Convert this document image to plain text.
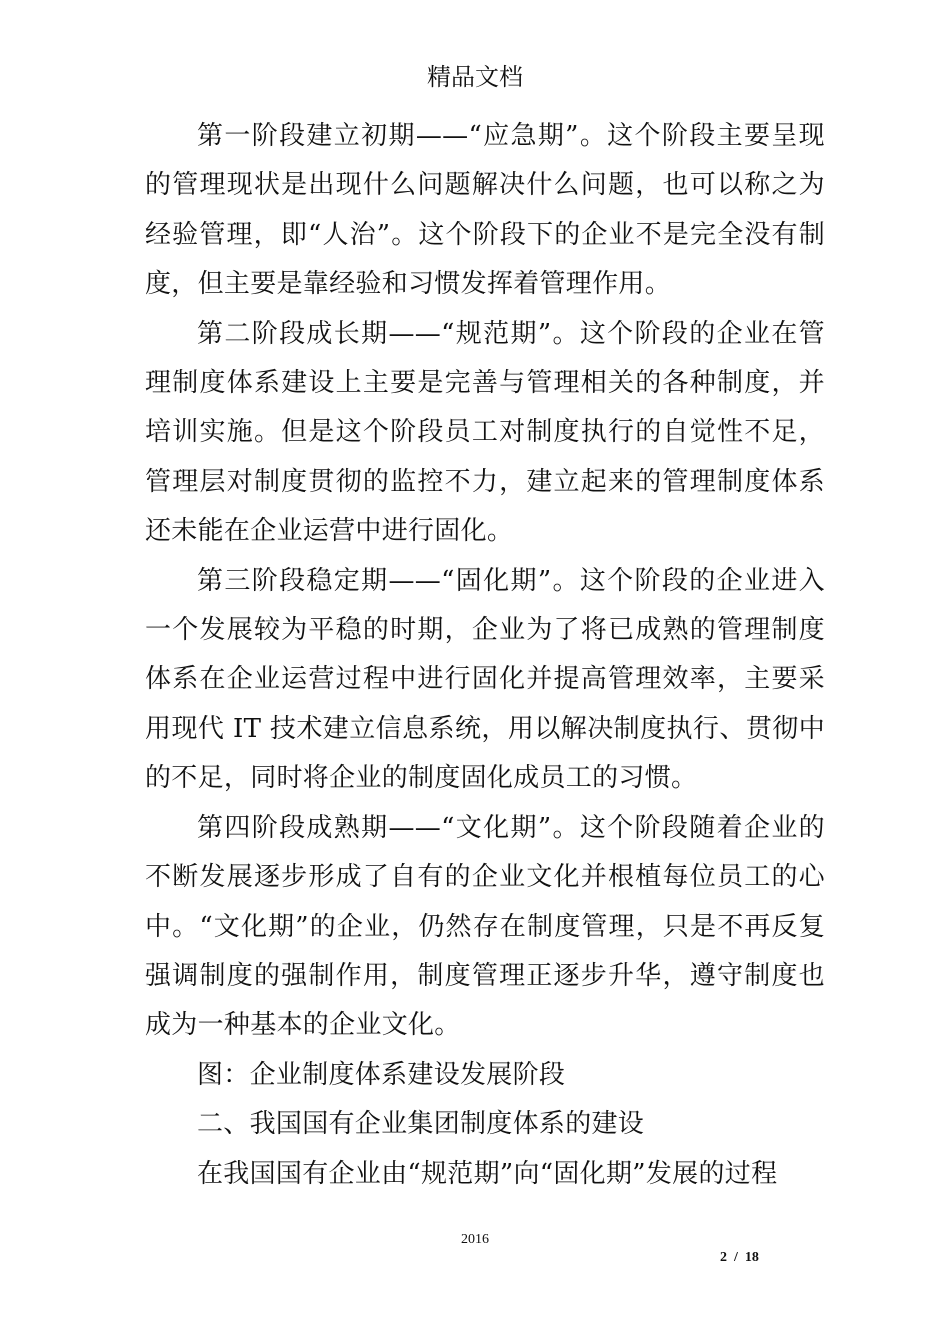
精品文档

第一阶段建立初期——“应急期”。这个阶段主要呈现的管理现状是出现什么问题解决什么问题，也可以称之为经验管理，即“人治”。这个阶段下的企业不是完全没有制度，但主要是靠经验和习惯发挥着管理作用。

第二阶段成长期——“规范期”。这个阶段的企业在管理制度体系建设上主要是完善与管理相关的各种制度，并培训实施。但是这个阶段员工对制度执行的自觉性不足，管理层对制度贯彻的监控不力，建立起来的管理制度体系还未能在企业运营中进行固化。

第三阶段稳定期——“固化期”。这个阶段的企业进入一个发展较为平稳的时期，企业为了将已成熟的管理制度体系在企业运营过程中进行固化并提高管理效率，主要采用现代 IT 技术建立信息系统，用以解决制度执行、贯彻中的不足，同时将企业的制度固化成员工的习惯。

第四阶段成熟期——“文化期”。这个阶段随着企业的不断发展逐步形成了自有的企业文化并根植每位员工的心中。“文化期”的企业，仍然存在制度管理，只是不再反复强调制度的强制作用，制度管理正逐步升华，遵守制度也成为一种基本的企业文化。

图：企业制度体系建设发展阶段

二、我国国有企业集团制度体系的建设

在我国国有企业由“规范期”向“固化期”发展的过程

2016
2  /  18
